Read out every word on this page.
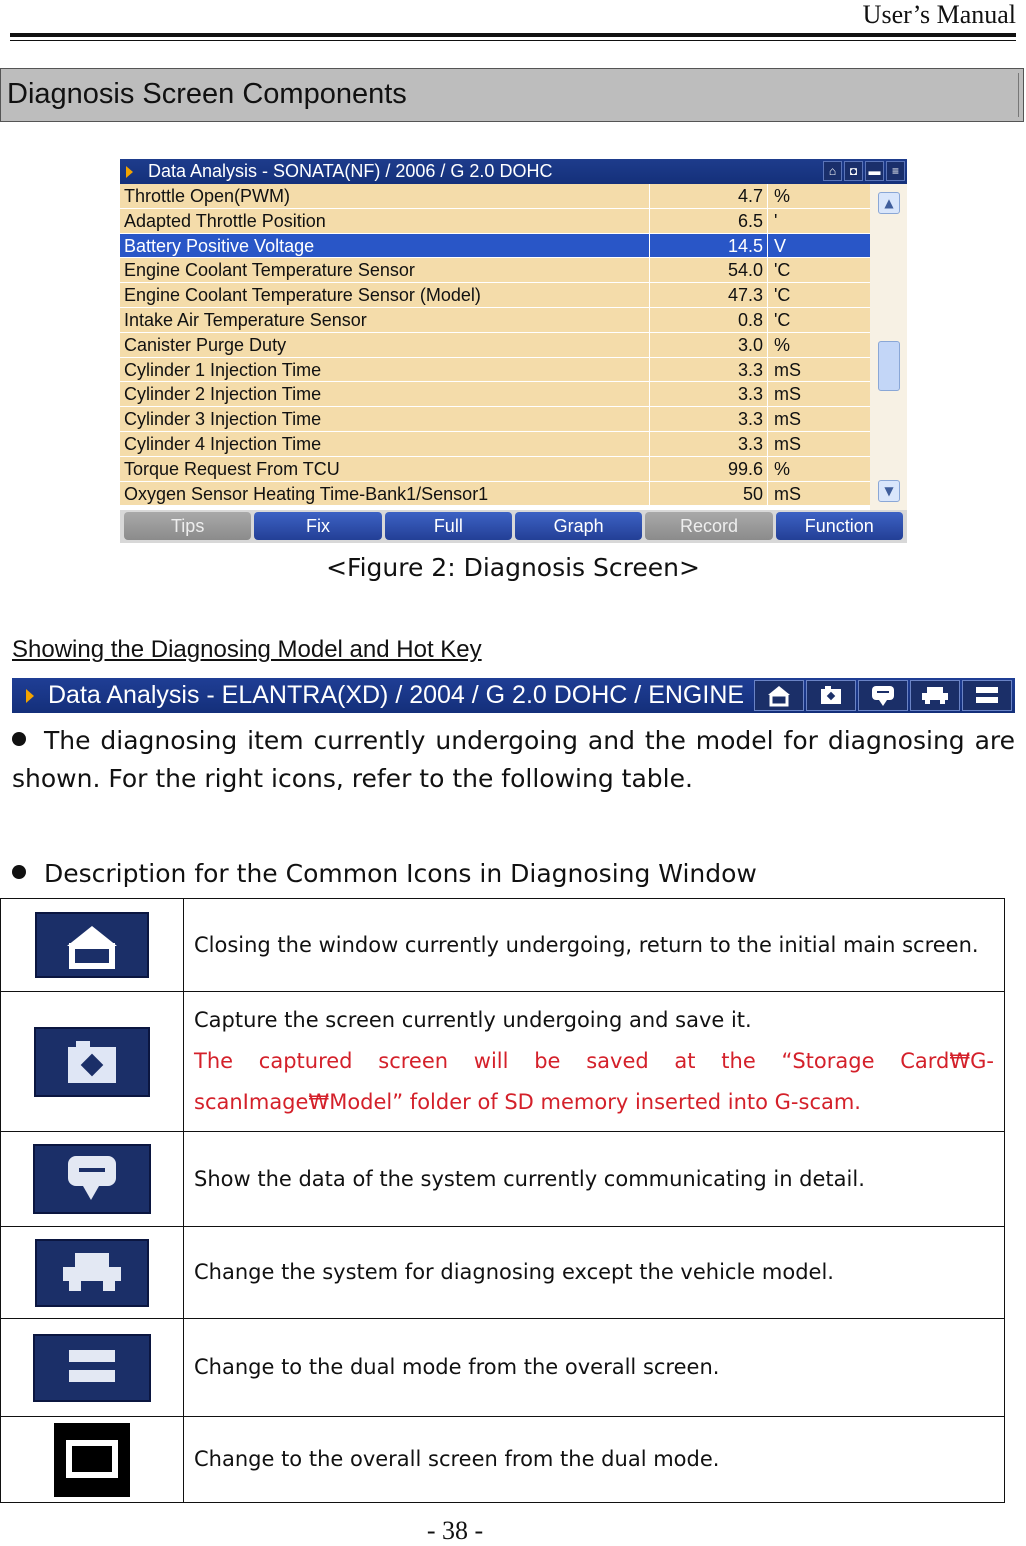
User’s Manual
Diagnosis Screen Components
Data Analysis - SONATA(NF) / 2006 / G 2.0 DOHC	⌂	◘ ▬ ≡
Throttle Open(PWM)	4.7 %
Adapted Throttle Position	6.5 '
Battery Positive Voltage	14.5 V
Engine Coolant Temperature Sensor	54.0 'C
Engine Coolant Temperature Sensor (Model)	47.3 'C
Intake Air Temperature Sensor	0.8 'C
Canister Purge Duty	3.0 %
Cylinder 1 Injection Time	3.3 mS
Cylinder 2 Injection Time	3.3 mS
Cylinder 3 Injection Time	3.3 mS
Cylinder 4 Injection Time	3.3 mS
Torque Request From TCU	99.6 %
Oxygen Sensor Heating Time-Bank1/Sensor1	50 mS
▲
▼
Tips	Fix	Full	Graph	Record	Function
<Figure 2: Diagnosis Screen>
Showing the Diagnosing Model and Hot Key
Data Analysis - ELANTRA(XD) / 2004 / G 2.0 DOHC / ENGINE
The diagnosing item currently undergoing and the model for diagnosing are shown. For the right icons, refer to the following table.
Description for the Common Icons in Diagnosing Window
	Closing the window currently undergoing, return to the initial main screen.

Capture the screen currently undergoing and save it.
The captured screen will be saved at the “Storage Card₩G-scanImage₩Model” folder of SD memory inserted into G-scam.

	Show the data of the system currently communicating in detail.
	Change the system for diagnosing except the vehicle model.
	Change to the dual mode from the overall screen.
	Change to the overall screen from the dual mode.
- 38 -
